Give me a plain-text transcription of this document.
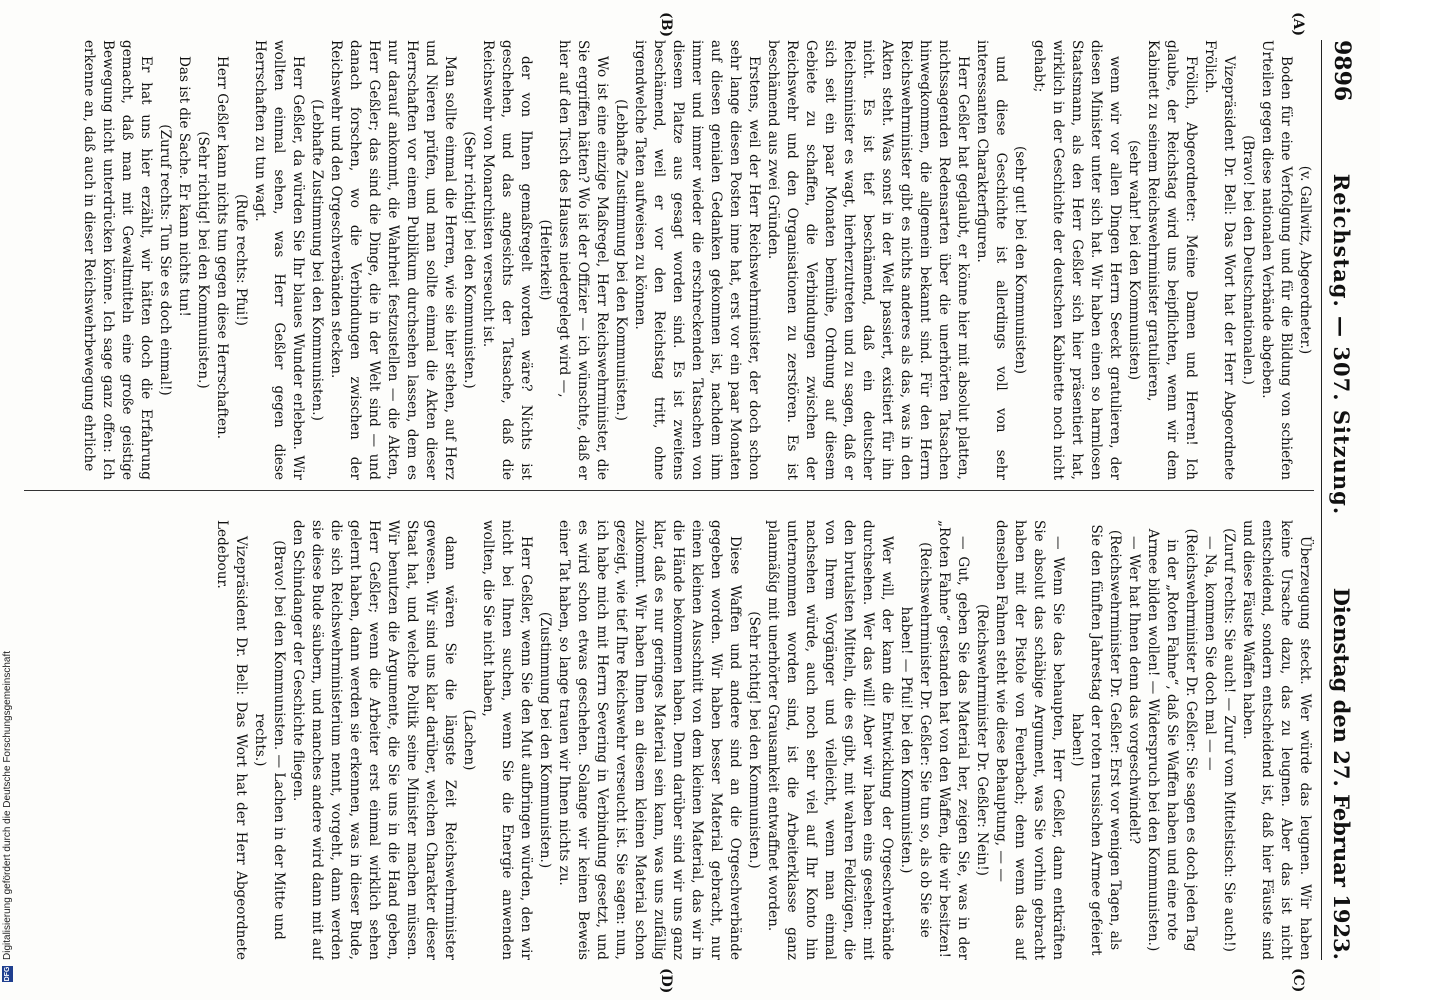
9896
Reichstag. — 307. Sitzung.
Dienstag den 27. Februar 1923.
(A)
(B)
(C)
(D)

(v. Gallwitz, Abgeordneter.)

Boden für eine Verfolgung und für die Bildung von schiefen Urteilen gegen diese nationalen Verbände abgeben.

(Bravo! bei den Deutschnationalen.)

Vizepräsident Dr. Bell: Das Wort hat der Herr Abgeordnete Frölich.

Frölich, Abgeordneter: Meine Damen und Herren! Ich glaube, der Reichstag wird uns beipflichten, wenn wir dem Kabinett zu seinem Reichswehrminister gratulieren,

(sehr wahr! bei den Kommunisten)

wenn wir vor allen Dingen Herrn Seeckt gratulieren, der diesen Minister unter sich hat. Wir haben einen so harmlosen Staatsmann, als den Herr Geßler sich hier präsentiert hat, wirklich in der Geschichte der deutschen Kabinette noch nicht gehabt;

(sehr gut! bei den Kommunisten)

und diese Geschichte ist allerdings voll von sehr interessanten Charakterfiguren.

Herr Geßler hat geglaubt, er könne hier mit absolut platten, nichtssagenden Redensarten über die unerhörten Tatsachen hinwegkommen, die allgemein bekannt sind. Für den Herrn Reichswehrminister gibt es nichts anderes als das, was in den Akten steht. Was sonst in der Welt passiert, existiert für ihn nicht. Es ist tief beschämend, daß ein deutscher Reichsminister es wagt, hierherzutreten und zu sagen, daß er sich seit ein paar Monaten bemühe, Ordnung auf diesem Gebiete zu schaffen, die Verbindungen zwischen der Reichswehr und den Organisationen zu zerstören. Es ist beschämend aus zwei Gründen.

Erstens, weil der Herr Reichswehrminister, der doch schon sehr lange diesen Posten inne hat, erst vor ein paar Monaten auf diesen genialen Gedanken gekommen ist, nachdem ihm immer und immer wieder die erschreckenden Tatsachen von diesem Platze aus gesagt worden sind. Es ist zweitens beschämend, weil er vor den Reichstag tritt, ohne irgendwelche Taten aufweisen zu können.

(Lebhafte Zustimmung bei den Kommunisten.)

Wo ist eine einzige Maßregel, Herr Reichswehrminister, die Sie ergriffen hätten? Wo ist der Offizier — ich wünschte, daß er hier auf den Tisch des Hauses niedergelegt wird —,

(Heiterkeit)

der von Ihnen gemaßregelt worden wäre? Nichts ist geschehen, und das angesichts der Tatsache, daß die Reichswehr von Monarchisten verseucht ist.

(Sehr richtig! bei den Kommunisten.)

Man sollte einmal die Herren, wie sie hier stehen, auf Herz und Nieren prüfen, und man sollte einmal die Akten dieser Herrschaften vor einem Publikum durchsehen lassen, dem es nur darauf ankommt, die Wahrheit festzustellen — die Akten, Herr Geßler; das sind die Dinge, die in der Welt sind — und danach forschen, wo die Verbindungen zwischen der Reichswehr und den Orgeschverbänden stecken.

(Lebhafte Zustimmung bei den Kommunisten.)

Herr Geßler, da würden Sie Ihr blaues Wunder erleben. Wir wollten einmal sehen, was Herr Geßler gegen diese Herrschaften zu tun wagt.

(Rufe rechts: Pfui!)

Herr Geßler kann nichts tun gegen diese Herrschaften.

(Sehr richtig! bei den Kommunisten.)

Das ist die Sache. Er kann nichts tun!

(Zuruf rechts: Tun Sie es doch einmal!)

Er hat uns hier erzählt, wir hätten doch die Erfahrung gemacht, daß man mit Gewaltmitteln eine große geistige Bewegung nicht unterdrücken könne. Ich sage ganz offen: Ich erkenne an, daß auch in dieser Reichswehrbewegung ehrliche

Überzeugung steckt. Wer würde das leugnen. Wir haben keine Ursache dazu, das zu leugnen. Aber das ist nicht entscheidend, sondern entscheidend ist, daß hier Fäuste sind und diese Fäuste Waffen haben.

(Zuruf rechts: Sie auch! — Zuruf vom Mittelstisch: Sie auch!)

— Na, kommen Sie doch mal — —

(Reichswehrminister Dr. Geßler: Sie sagen es doch jeden Tag in der „Roten Fahne“, daß Sie Waffen haben und eine rote Armee bilden wollen! — Widerspruch bei den Kommunisten.)

— Wer hat Ihnen denn das vorgeschwindelt?

(Reichswehrminister Dr. Geßler: Erst vor wenigen Tagen, als Sie den fünften Jahrestag der roten russischen Armee gefeiert haben!)

— Wenn Sie das behaupten, Herr Geßler, dann entkräften Sie absolut das schäbige Argument, was Sie vorhin gebracht haben mit der Pistole von Feuerbach; denn wenn das auf denselben Fahnen steht wie diese Behauptung, — —

(Reichswehrminister Dr. Geßler: Nein!)

— Gut, geben Sie das Material her, zeigen Sie, was in der „Roten Fahne“ gestanden hat von den Waffen, die wir besitzen!

(Reichswehrminister Dr. Geßler: Sie tun so, als ob Sie sie haben! — Pfui! bei den Kommunisten.)

Wer will, der kann die Entwicklung der Orgeschverbände durchsehen. Wer das will! Aber wir haben eins gesehen: mit den brutalsten Mitteln, die es gibt, mit wahren Feldzügen, die von Ihrem Vorgänger und vielleicht, wenn man einmal nachsehen würde, auch noch sehr viel auf Ihr Konto hin unternommen worden sind, ist die Arbeiterklasse ganz planmäßig mit unerhörter Grausamkeit entwaffnet worden.

(Sehr richtig! bei den Kommunisten.)

Diese Waffen und andere sind an die Orgeschverbände gegeben worden. Wir haben besser Material gebracht, nur einen kleinen Ausschnitt von dem kleinen Material, das wir in die Hände bekommen haben. Denn darüber sind wir uns ganz klar, daß es nur geringes Material sein kann, was uns zufällig zukommt. Wir haben Ihnen an diesem kleinen Material schon gezeigt, wie tief Ihre Reichswehr verseucht ist. Sie sagen: nun, ich habe mich mit Herrn Severing in Verbindung gesetzt, und es wird schon etwas geschehen. Solange wir keinen Beweis einer Tat haben, so lange trauen wir Ihnen nichts zu.

(Zustimmung bei den Kommunisten.)

Herr Geßler, wenn Sie den Mut aufbringen würden, den wir nicht bei Ihnen suchen, wenn Sie die Energie anwenden wollten, die Sie nicht haben,

(Lachen)

dann wären Sie die längste Zeit Reichswehrminister gewesen. Wir sind uns klar darüber, welchen Charakter dieser Staat hat, und welche Politik seine Minister machen müssen. Wir benutzen die Argumente, die Sie uns in die Hand geben, Herr Geßler; wenn die Arbeiter erst einmal wirklich sehen gelernt haben, dann werden sie erkennen, was in dieser Bude, die sich Reichswehrministerium nennt, vorgeht, dann werden sie diese Bude säubern, und manches andere wird dann mit auf den Schindanger der Geschichte fliegen.

(Bravo! bei den Kommunisten. — Lachen in der Mitte und rechts.)

Vizepräsident Dr. Bell: Das Wort hat der Herr Abgeordnete Ledebour.

DFG
Digitalisierung gefördert durch die Deutsche Forschungsgemeinschaft
